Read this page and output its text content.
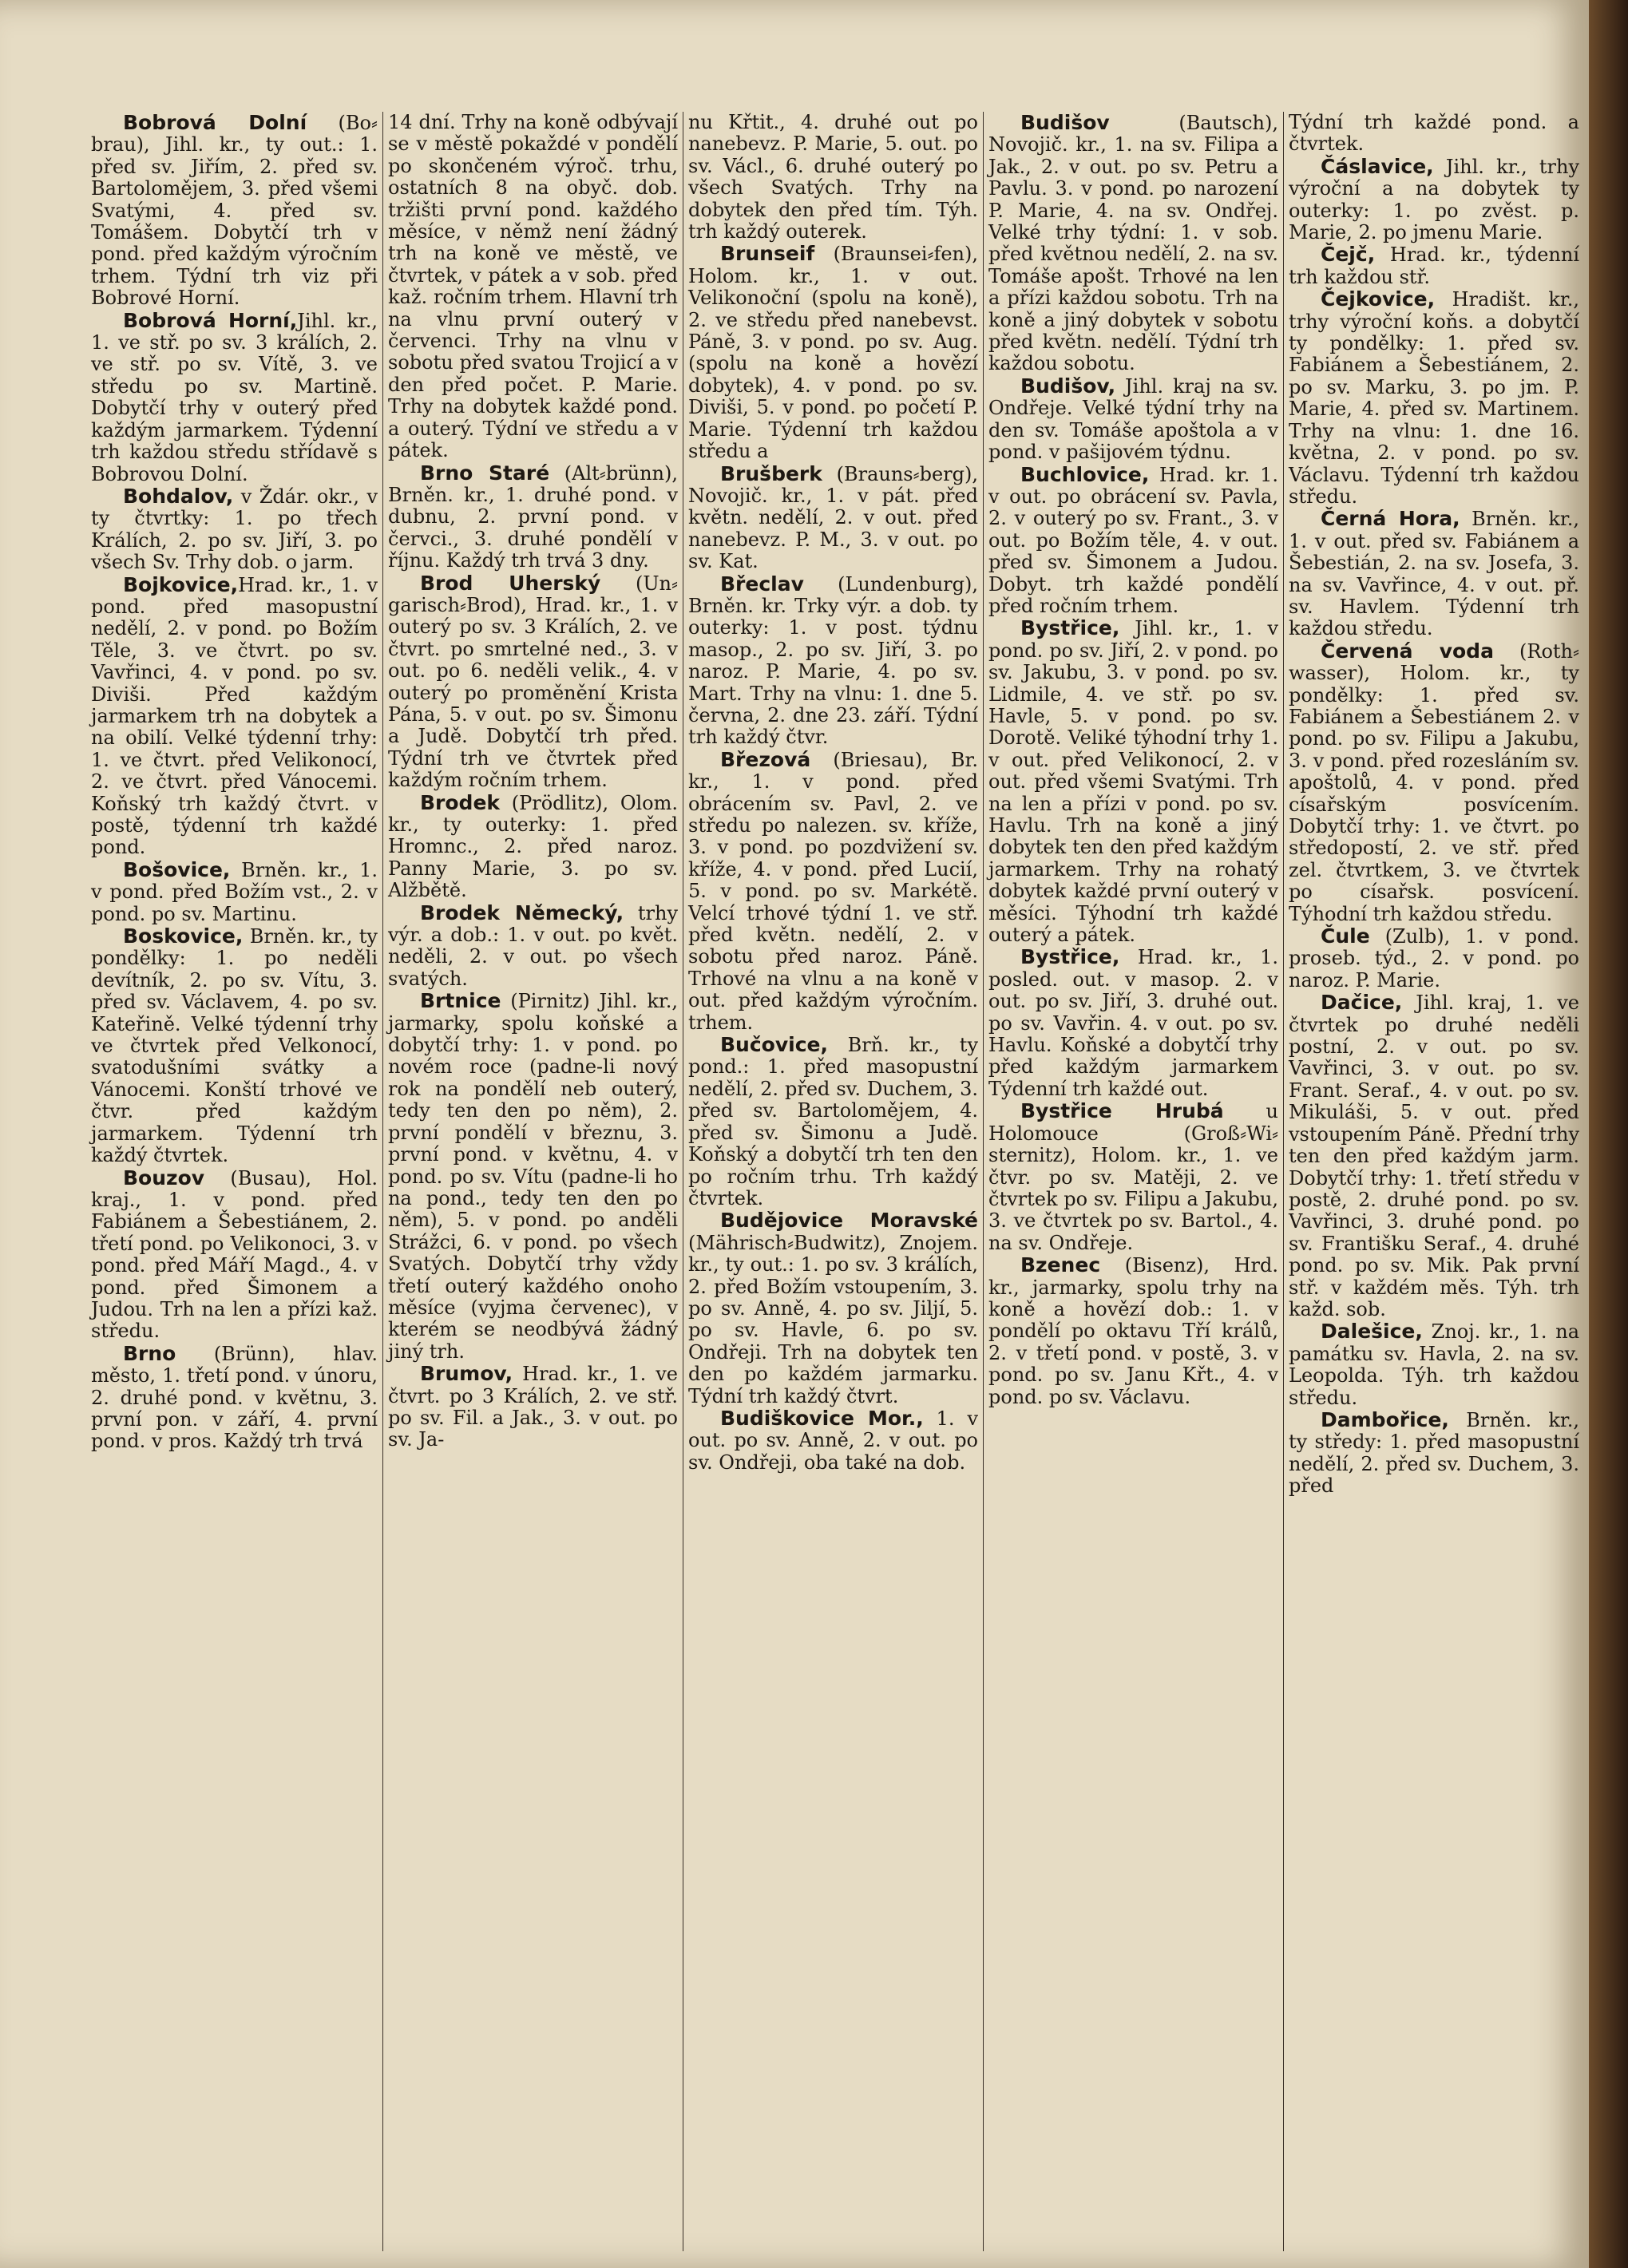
Bobrová Dolní (Bo⸗brau), Jihl. kr., ty out.: 1. před sv. Jiřím, 2. před sv. Bartolomějem, 3. před všemi Svatými, 4. před sv. Tomášem. Dobytčí trh v pond. před každým výročním trhem. Týdní trh viz při Bobrové Horní.

Bobrová Horní,Jihl. kr., 1. ve stř. po sv. 3 králích, 2. ve stř. po sv. Vítě, 3. ve středu po sv. Martině. Dobytčí trhy v outerý před každým jarmarkem. Týdenní trh každou středu střídavě s Bobrovou Dolní.

Bohdalov, v Ždár. okr., v ty čtvrtky: 1. po třech Králích, 2. po sv. Jiří, 3. po všech Sv. Trhy dob. o jarm.

Bojkovice,Hrad. kr., 1. v pond. před masopustní nedělí, 2. v pond. po Božím Těle, 3. ve čtvrt. po sv. Vavřinci, 4. v pond. po sv. Diviši. Před každým jarmarkem trh na dobytek a na obilí. Velké týdenní trhy: 1. ve čtvrt. před Velikonocí, 2. ve čtvrt. před Vánocemi. Koňský trh každý čtvrt. v postě, týdenní trh každé pond.

Bošovice, Brněn. kr., 1. v pond. před Božím vst., 2. v pond. po sv. Martinu.

Boskovice, Brněn. kr., ty pondělky: 1. po neděli devítník, 2. po sv. Vítu, 3. před sv. Václavem, 4. po sv. Kateřině. Velké týdenní trhy ve čtvrtek před Velkonocí, svatodušními svátky a Vánocemi. Konští trhové ve čtvr. před každým jarmarkem. Týdenní trh každý čtvrtek.

Bouzov (Busau), Hol. kraj., 1. v pond. před Fabiánem a Šebestiánem, 2. třetí pond. po Velikonoci, 3. v pond. před Máří Magd., 4. v pond. před Šimonem a Judou. Trh na len a přízi kaž. středu.

Brno (Brünn), hlav. město, 1. třetí pond. v únoru, 2. druhé pond. v květnu, 3. první pon. v září, 4. první pond. v pros. Každý trh trvá

14 dní. Trhy na koně odbývají se v městě pokaždé v pondělí po skončeném výroč. trhu, ostatních 8 na obyč. dob. tržišti první pond. každého měsíce, v němž není žádný trh na koně ve městě, ve čtvrtek, v pátek a v sob. před kaž. ročním trhem. Hlavní trh na vlnu první outerý v červenci. Trhy na vlnu v sobotu před svatou Trojicí a v den před počet. P. Marie. Trhy na dobytek každé pond. a outerý. Týdní ve středu a v pátek.

Brno Staré (Alt⸗brünn), Brněn. kr., 1. druhé pond. v dubnu, 2. první pond. v červci., 3. druhé pondělí v říjnu. Každý trh trvá 3 dny.

Brod Uherský (Un⸗garisch⸗Brod), Hrad. kr., 1. v outerý po sv. 3 Králích, 2. ve čtvrt. po smrtelné ned., 3. v out. po 6. neděli velik., 4. v outerý po proměnění Krista Pána, 5. v out. po sv. Šimonu a Judě. Dobytčí trh před. Týdní trh ve čtvrtek před každým ročním trhem.

Brodek (Prödlitz), Olom. kr., ty outerky: 1. před Hromnc., 2. před naroz. Panny Marie, 3. po sv. Alžbětě.

Brodek Německý, trhy výr. a dob.: 1. v out. po květ. neděli, 2. v out. po všech svatých.

Brtnice (Pirnitz) Jihl. kr., jarmarky, spolu koňské a dobytčí trhy: 1. v pond. po novém roce (padne-li nový rok na pondělí neb outerý, tedy ten den po něm), 2. první pondělí v březnu, 3. první pond. v květnu, 4. v pond. po sv. Vítu (padne-li ho na pond., tedy ten den po něm), 5. v pond. po anděli Strážci, 6. v pond. po všech Svatých. Dobytčí trhy vždy třetí outerý každého onoho měsíce (vyjma červenec), v kterém se neodbývá žádný jiný trh.

Brumov, Hrad. kr., 1. ve čtvrt. po 3 Králích, 2. ve stř. po sv. Fil. a Jak., 3. v out. po sv. Ja-

nu Křtit., 4. druhé out po nanebevz. P. Marie, 5. out. po sv. Václ., 6. druhé outerý po všech Svatých. Trhy na dobytek den před tím. Týh. trh každý outerek.

Brunseif (Braunsei⸗fen), Holom. kr., 1. v out. Velikonoční (spolu na koně), 2. ve středu před nanebevst. Páně, 3. v pond. po sv. Aug. (spolu na koně a hovězí dobytek), 4. v pond. po sv. Diviši, 5. v pond. po početí P. Marie. Týdenní trh každou středu a

Brušberk (Brauns⸗berg), Novojič. kr., 1. v pát. před květn. nedělí, 2. v out. před nanebevz. P. M., 3. v out. po sv. Kat.

Břeclav (Lundenburg), Brněn. kr. Trky výr. a dob. ty outerky: 1. v post. týdnu masop., 2. po sv. Jiří, 3. po naroz. P. Marie, 4. po sv. Mart. Trhy na vlnu: 1. dne 5. června, 2. dne 23. září. Týdní trh každý čtvr.

Březová (Briesau), Br. kr., 1. v pond. před obrácením sv. Pavl, 2. ve středu po nalezen. sv. kříže, 3. v pond. po pozdvižení sv. kříže, 4. v pond. před Lucií, 5. v pond. po sv. Markétě. Velcí trhové týdní 1. ve stř. před květn. nedělí, 2. v sobotu před naroz. Páně. Trhové na vlnu a na koně v out. před každým výročním. trhem.

Bučovice, Brň. kr., ty pond.: 1. před masopustní nedělí, 2. před sv. Duchem, 3. před sv. Bartolomějem, 4. před sv. Šimonu a Judě. Koňský a dobytčí trh ten den po ročním trhu. Trh každý čtvrtek.

Budějovice Moravské (Mährisch⸗Budwitz), Znojem. kr., ty out.: 1. po sv. 3 králích, 2. před Božím vstoupením, 3. po sv. Anně, 4. po sv. Jiljí, 5. po sv. Havle, 6. po sv. Ondřeji. Trh na dobytek ten den po každém jarmarku. Týdní trh každý čtvrt.

Budiškovice Mor., 1. v out. po sv. Anně, 2. v out. po sv. Ondřeji, oba také na dob.

Budišov (Bautsch), Novojič. kr., 1. na sv. Filipa a Jak., 2. v out. po sv. Petru a Pavlu. 3. v pond. po narození P. Marie, 4. na sv. Ondřej. Velké trhy týdní: 1. v sob. před květnou nedělí, 2. na sv. Tomáše apošt. Trhové na len a přízi každou sobotu. Trh na koně a jiný dobytek v sobotu před květn. nedělí. Týdní trh každou sobotu.

Budišov, Jihl. kraj na sv. Ondřeje. Velké týdní trhy na den sv. Tomáše apoštola a v pond. v pašijovém týdnu.

Buchlovice, Hrad. kr. 1. v out. po obrácení sv. Pavla, 2. v outerý po sv. Frant., 3. v out. po Božím těle, 4. v out. před sv. Šimonem a Judou. Dobyt. trh každé pondělí před ročním trhem.

Bystřice, Jihl. kr., 1. v pond. po sv. Jiří, 2. v pond. po sv. Jakubu, 3. v pond. po sv. Lidmile, 4. ve stř. po sv. Havle, 5. v pond. po sv. Dorotě. Veliké týhodní trhy 1. v out. před Velikonocí, 2. v out. před všemi Svatými. Trh na len a přízi v pond. po sv. Havlu. Trh na koně a jiný dobytek ten den před každým jarmarkem. Trhy na rohatý dobytek každé první outerý v měsíci. Týhodní trh každé outerý a pátek.

Bystřice, Hrad. kr., 1. posled. out. v masop. 2. v out. po sv. Jiří, 3. druhé out. po sv. Vavřin. 4. v out. po sv. Havlu. Koňské a dobytčí trhy před každým jarmarkem Týdenní trh každé out.

Bystřice Hrubá u Holomouce (Groß⸗Wi⸗sternitz), Holom. kr., 1. ve čtvr. po sv. Matěji, 2. ve čtvrtek po sv. Filipu a Jakubu, 3. ve čtvrtek po sv. Bartol., 4. na sv. Ondřeje.

Bzenec (Bisenz), Hrd. kr., jarmarky, spolu trhy na koně a hovězí dob.: 1. v pondělí po oktavu Tří králů, 2. v třetí pond. v postě, 3. v pond. po sv. Janu Křt., 4. v pond. po sv. Václavu.

Týdní trh každé pond. a čtvrtek.

Čáslavice, Jihl. kr., trhy výroční a na dobytek ty outerky: 1. po zvěst. p. Marie, 2. po jmenu Marie.

Čejč, Hrad. kr., týdenní trh každou stř.

Čejkovice, Hradišt. kr., trhy výroční koňs. a dobytčí ty pondělky: 1. před sv. Fabiánem a Šebestiánem, 2. po sv. Marku, 3. po jm. P. Marie, 4. před sv. Martinem. Trhy na vlnu: 1. dne 16. května, 2. v pond. po sv. Václavu. Týdenní trh každou středu.

Černá Hora, Brněn. kr., 1. v out. před sv. Fabiánem a Šebestián, 2. na sv. Josefa, 3. na sv. Vavřince, 4. v out. př. sv. Havlem. Týdenní trh každou středu.

Červená voda (Roth⸗wasser), Holom. kr., ty pondělky: 1. před sv. Fabiánem a Šebestiánem 2. v pond. po sv. Filipu a Jakubu, 3. v pond. před rozesláním sv. apoštolů, 4. v pond. před císařským posvícením. Dobytčí trhy: 1. ve čtvrt. po středopostí, 2. ve stř. před zel. čtvrtkem, 3. ve čtvrtek po císařsk. posvícení. Týhodní trh každou středu.

Čule (Zulb), 1. v pond. proseb. týd., 2. v pond. po naroz. P. Marie.

Dačice, Jihl. kraj, 1. ve čtvrtek po druhé neděli postní, 2. v out. po sv. Vavřinci, 3. v out. po sv. Frant. Seraf., 4. v out. po sv. Mikuláši, 5. v out. před vstoupením Páně. Přední trhy ten den před každým jarm. Dobytčí trhy: 1. třetí středu v postě, 2. druhé pond. po sv. Vavřinci, 3. druhé pond. po sv. Františku Seraf., 4. druhé pond. po sv. Mik. Pak první stř. v každém měs. Týh. trh každ. sob.

Dalešice, Znoj. kr., 1. na památku sv. Havla, 2. na sv. Leopolda. Týh. trh každou středu.

Dambořice, Brněn. kr., ty středy: 1. před masopustní nedělí, 2. před sv. Duchem, 3. před
